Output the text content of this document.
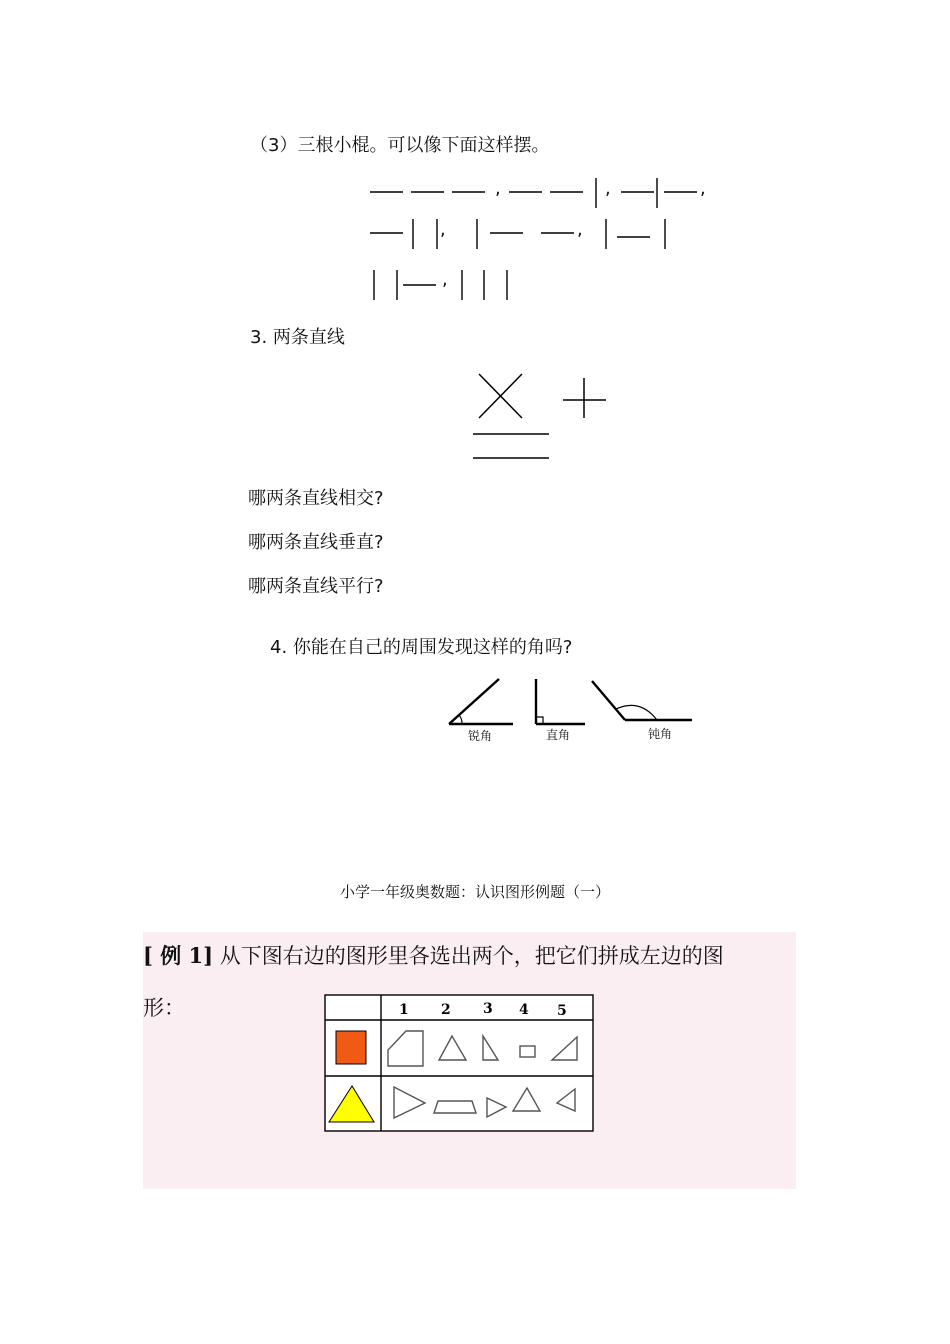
（3）三根小棍。可以像下面这样摆。
,	,	,
,	,
,
3. 两条直线
哪两条直线相交?
哪两条直线垂直?
哪两条直线平行?
4. 你能在自己的周围发现这样的角吗?
锐角	直角	钝角
小学一年级奥数题：认识图形例题（一）
[ 例 1] 从下图右边的图形里各选出两个，把它们拼成左边的图
形：	1 2 3 4 5
